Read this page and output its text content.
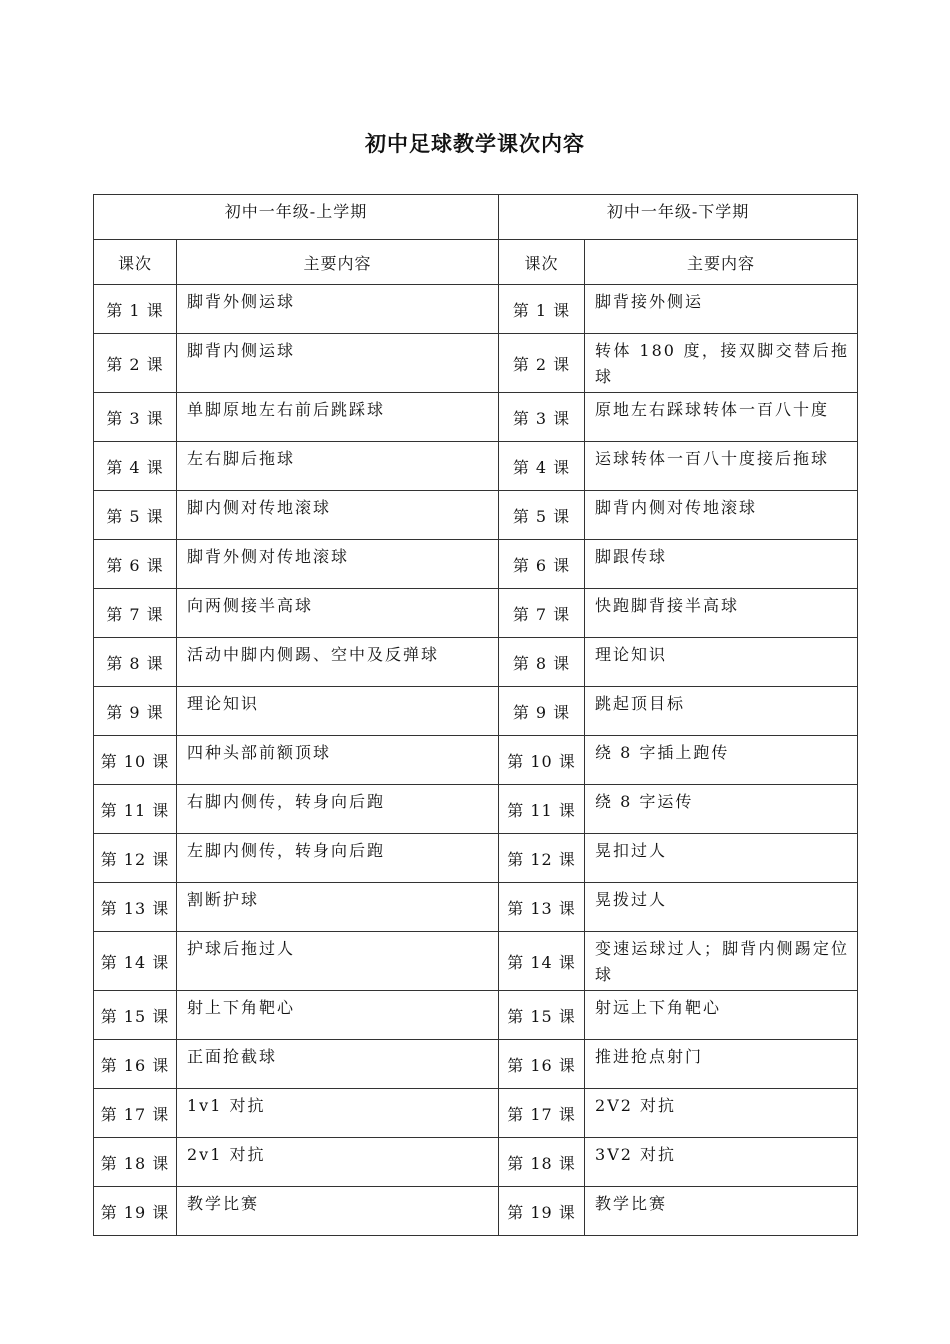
初中足球教学课次内容
初中一年级-上学期		初中一年级-下学期	
课次	主要内容	课次	主要内容
第 1 课	脚背外侧运球	第 1 课	脚背接外侧运
第 2 课	脚背内侧运球	第 2 课	转体 180 度，接双脚交替后拖球
第 3 课	单脚原地左右前后跳踩球	第 3 课	原地左右踩球转体一百八十度
第 4 课	左右脚后拖球	第 4 课	运球转体一百八十度接后拖球
第 5 课	脚内侧对传地滚球	第 5 课	脚背内侧对传地滚球
第 6 课	脚背外侧对传地滚球	第 6 课	脚跟传球
第 7 课	向两侧接半高球	第 7 课	快跑脚背接半高球
第 8 课	活动中脚内侧踢、空中及反弹球	第 8 课	理论知识
第 9 课	理论知识	第 9 课	跳起顶目标
第 10 课	四种头部前额顶球	第 10 课	绕 8 字插上跑传
第 11 课	右脚内侧传，转身向后跑	第 11 课	绕 8 字运传
第 12 课	左脚内侧传，转身向后跑	第 12 课	晃扣过人
第 13 课	割断护球	第 13 课	晃拨过人
第 14 课	护球后拖过人	第 14 课	变速运球过人；脚背内侧踢定位球
第 15 课	射上下角靶心	第 15 课	射远上下角靶心
第 16 课	正面抢截球	第 16 课	推进抢点射门
第 17 课	1v1 对抗	第 17 课	2V2 对抗
第 18 课	2v1 对抗	第 18 课	3V2 对抗
第 19 课	教学比赛	第 19 课	教学比赛
